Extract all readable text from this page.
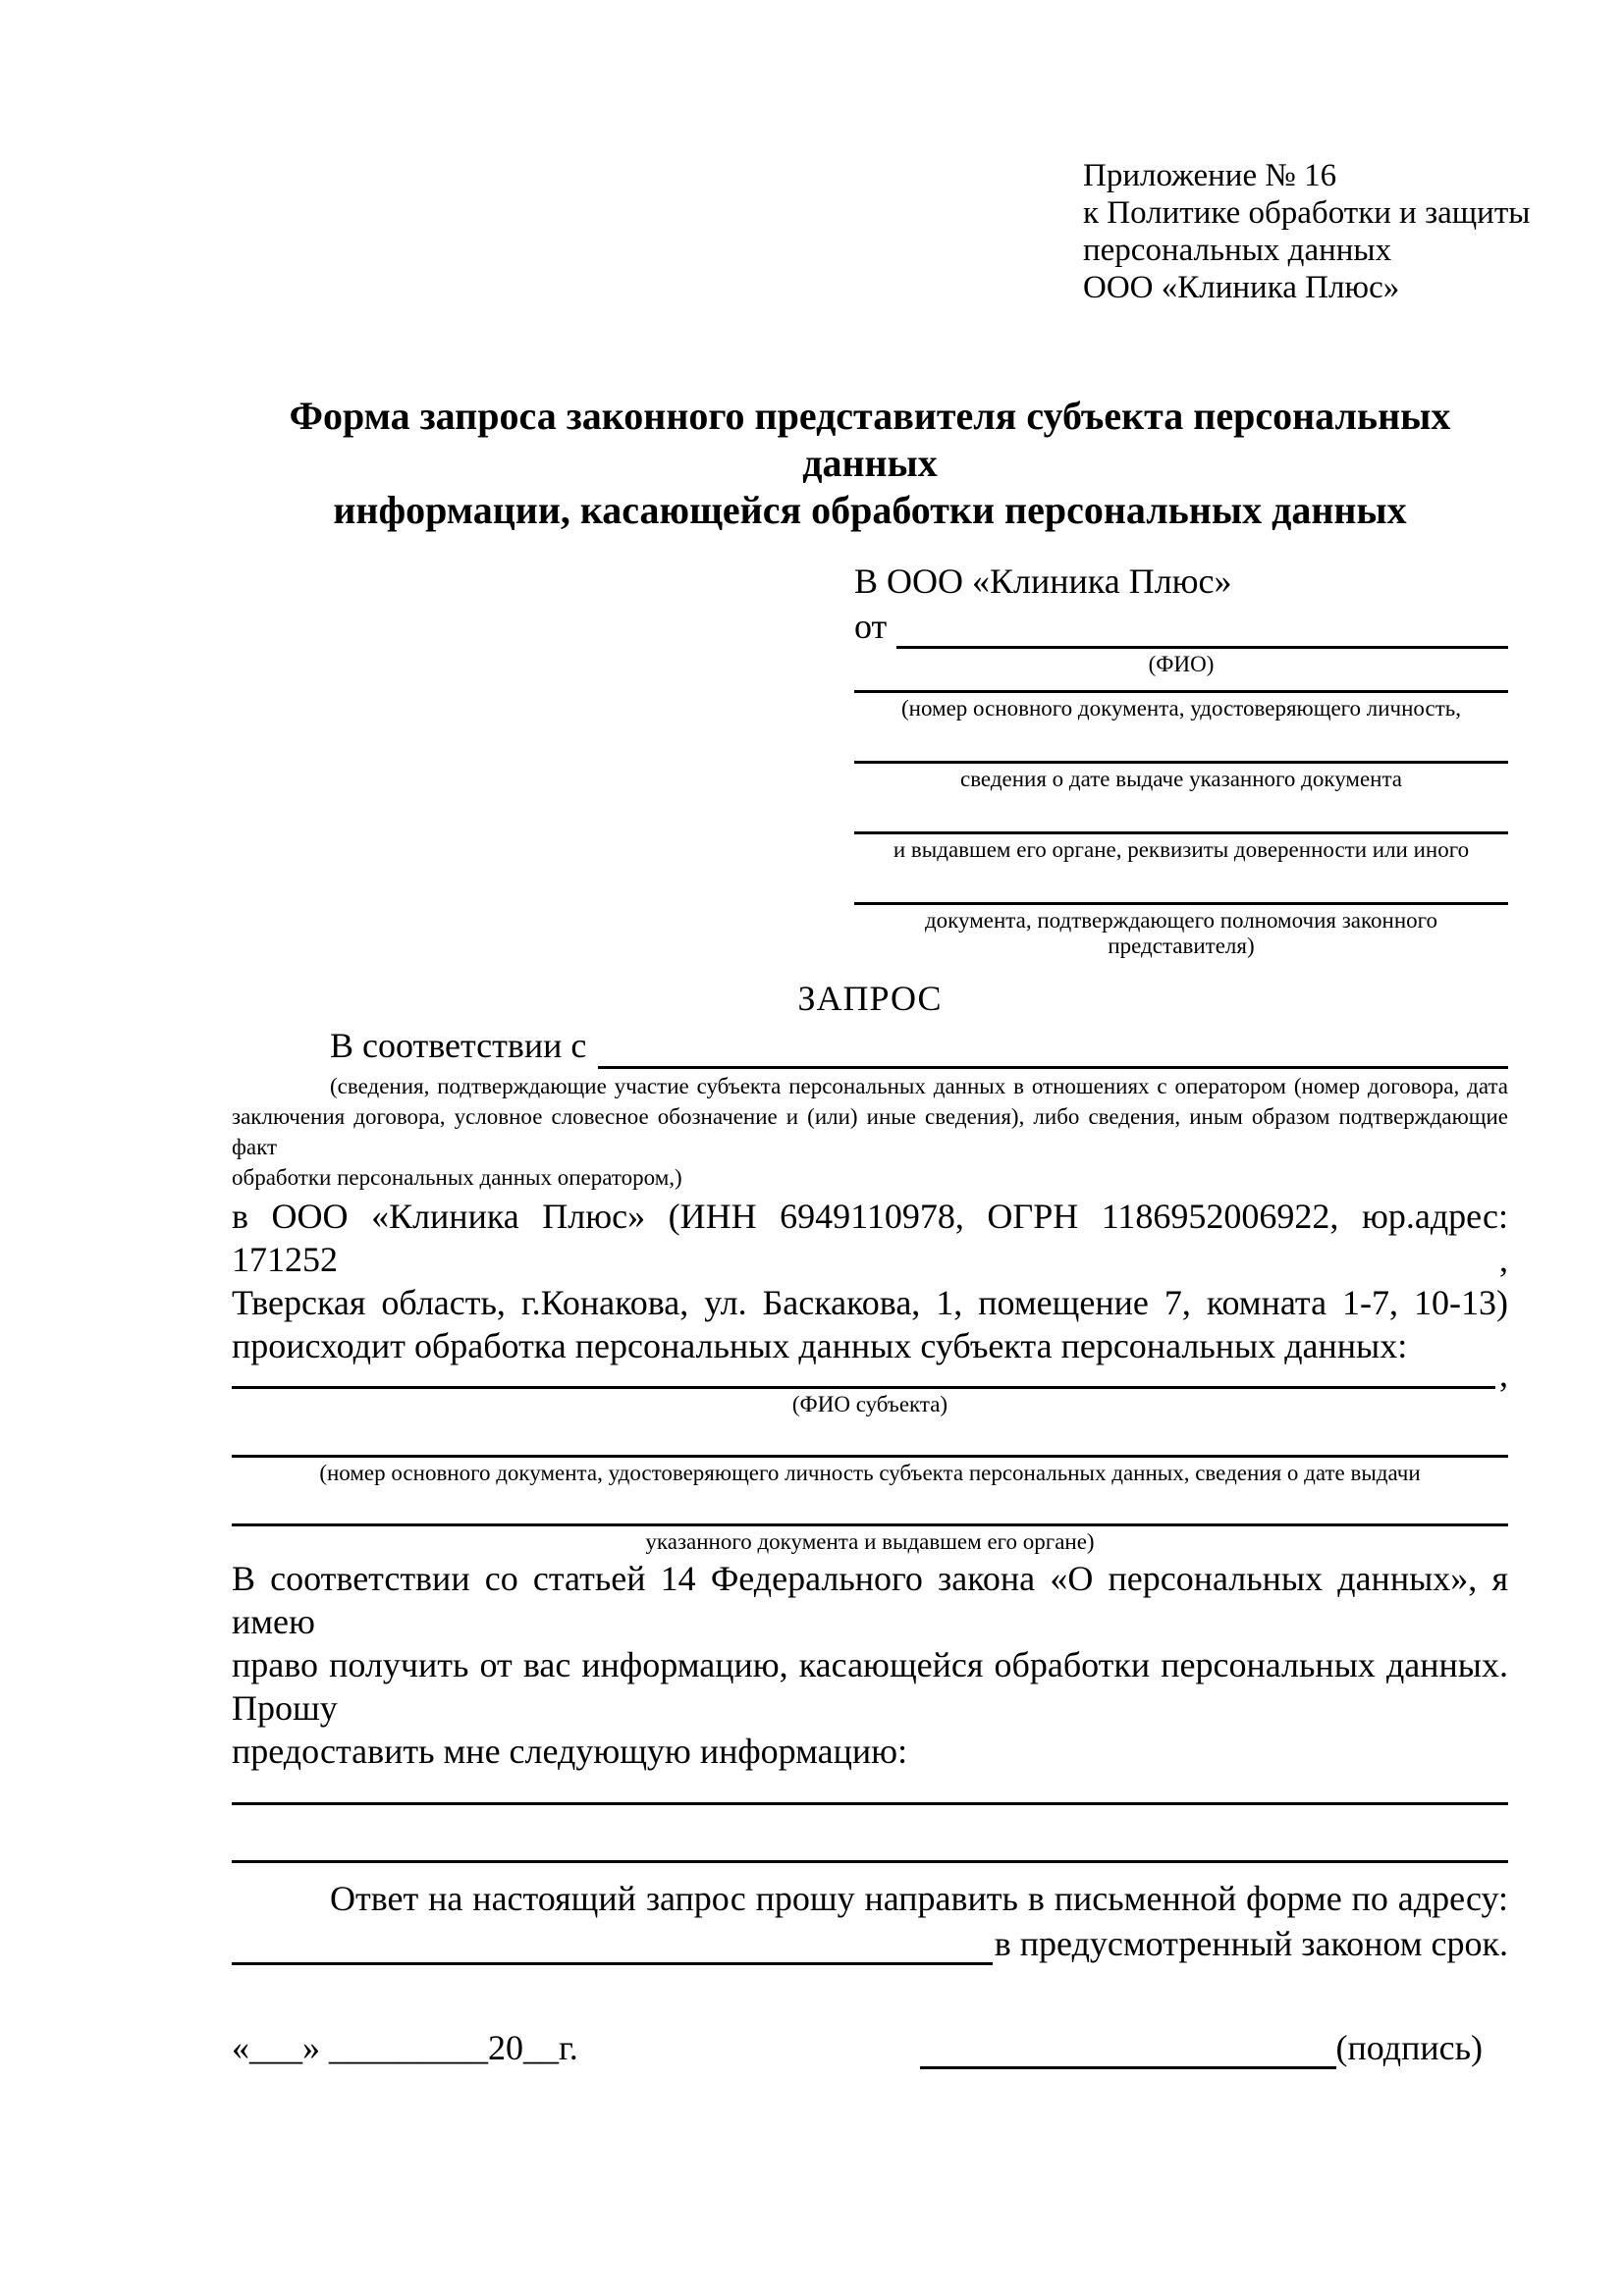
Приложение № 16
к Политике обработки и защиты
персональных данных
ООО «Клиника Плюс»
Форма запроса законного представителя субъекта персональных данных
информации, касающейся обработки персональных данных
В ООО «Клиника Плюс»
от
(ФИО)
(номер основного документа, удостоверяющего личность,
сведения о дате выдаче указанного документа
и выдавшем его органе, реквизиты доверенности или иного
документа, подтверждающего полномочия законного представителя)
ЗАПРОС
В соответствии с
(сведения, подтверждающие участие субъекта персональных данных в отношениях с оператором (номер договора, дата
заключения договора, условное словесное обозначение и (или) иные сведения), либо сведения, иным образом подтверждающие факт
обработки персональных данных оператором,)
в ООО «Клиника Плюс» (ИНН 6949110978, ОГРН 1186952006922, юр.адрес: 171252 ,
Тверская область, г.Конакова, ул. Баскакова, 1, помещение 7, комната 1-7, 10-13)
происходит обработка персональных данных субъекта персональных данных:
,
(ФИО субъекта)
(номер основного документа, удостоверяющего личность субъекта персональных данных, сведения о дате выдачи
указанного документа и выдавшем его органе)
В соответствии со статьей 14 Федерального закона «О персональных данных», я имею
право получить от вас информацию, касающейся обработки персональных данных. Прошу
предоставить мне следующую информацию:
Ответ на настоящий запрос прошу направить в письменной форме по адресу:
в предусмотренный законом срок.
«___» _________20__г.	(подпись)
